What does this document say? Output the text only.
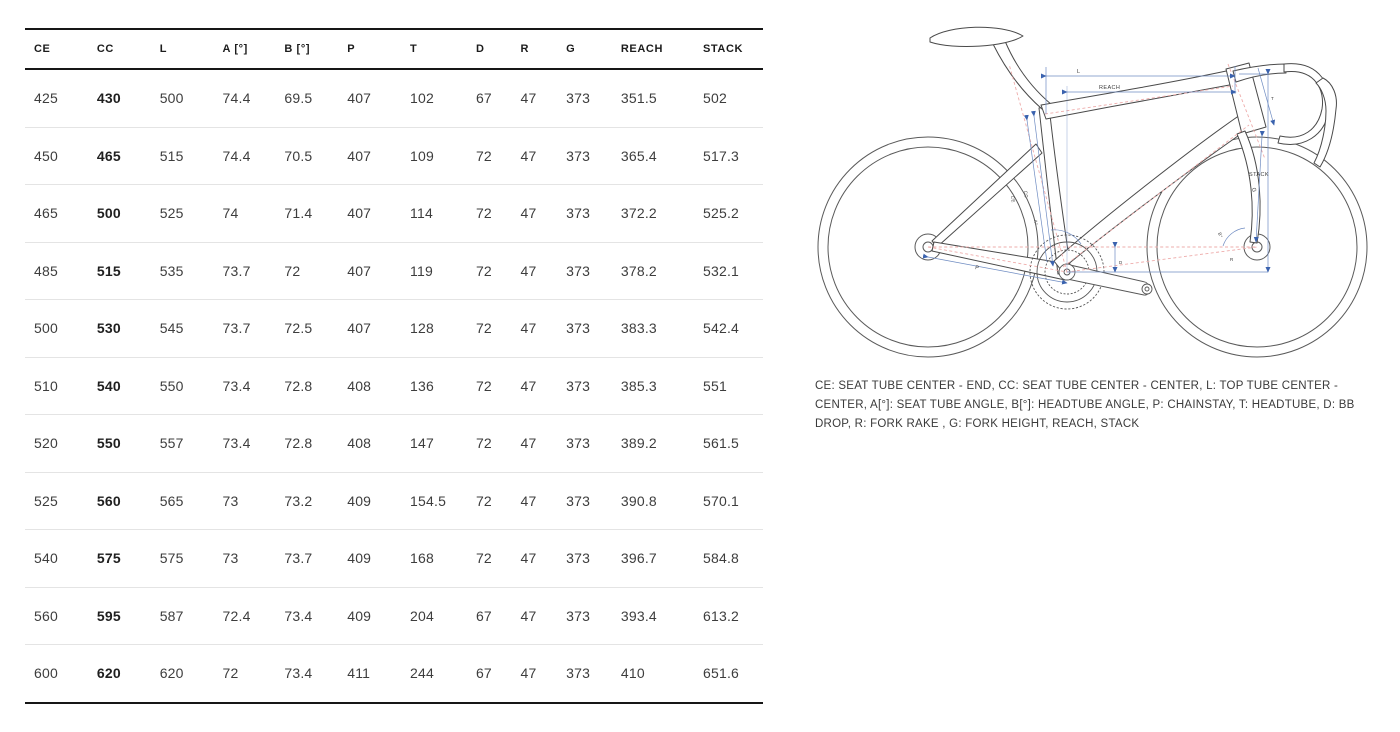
CE	CC	L	A [°]	B [°]	P	T	D	R	G	REACH	STACK
425	430	500	74.4	69.5	407	102	67	47	373	351.5	502
450	465	515	74.4	70.5	407	109	72	47	373	365.4	517.3
465	500	525	74	71.4	407	114	72	47	373	372.2	525.2
485	515	535	73.7	72	407	119	72	47	373	378.2	532.1
500	530	545	73.7	72.5	407	128	72	47	373	383.3	542.4
510	540	550	73.4	72.8	408	136	72	47	373	385.3	551
520	550	557	73.4	72.8	408	147	72	47	373	389.2	561.5
525	560	565	73	73.2	409	154.5	72	47	373	390.8	570.1
540	575	575	73	73.7	409	168	72	47	373	396.7	584.8
560	595	587	72.4	73.4	409	204	67	47	373	393.4	613.2
600	620	620	72	73.4	411	244	67	47	373	410	651.6
L
REACH
STACK
G
P
CE
CC
A°
B°
T
D
R
CE: SEAT TUBE CENTER - END, CC: SEAT TUBE CENTER - CENTER, L: TOP TUBE CENTER - CENTER, A[°]: SEAT TUBE ANGLE, B[°]: HEADTUBE ANGLE, P: CHAINSTAY, T: HEADTUBE, D: BB DROP, R: FORK RAKE , G: FORK HEIGHT, REACH, STACK
